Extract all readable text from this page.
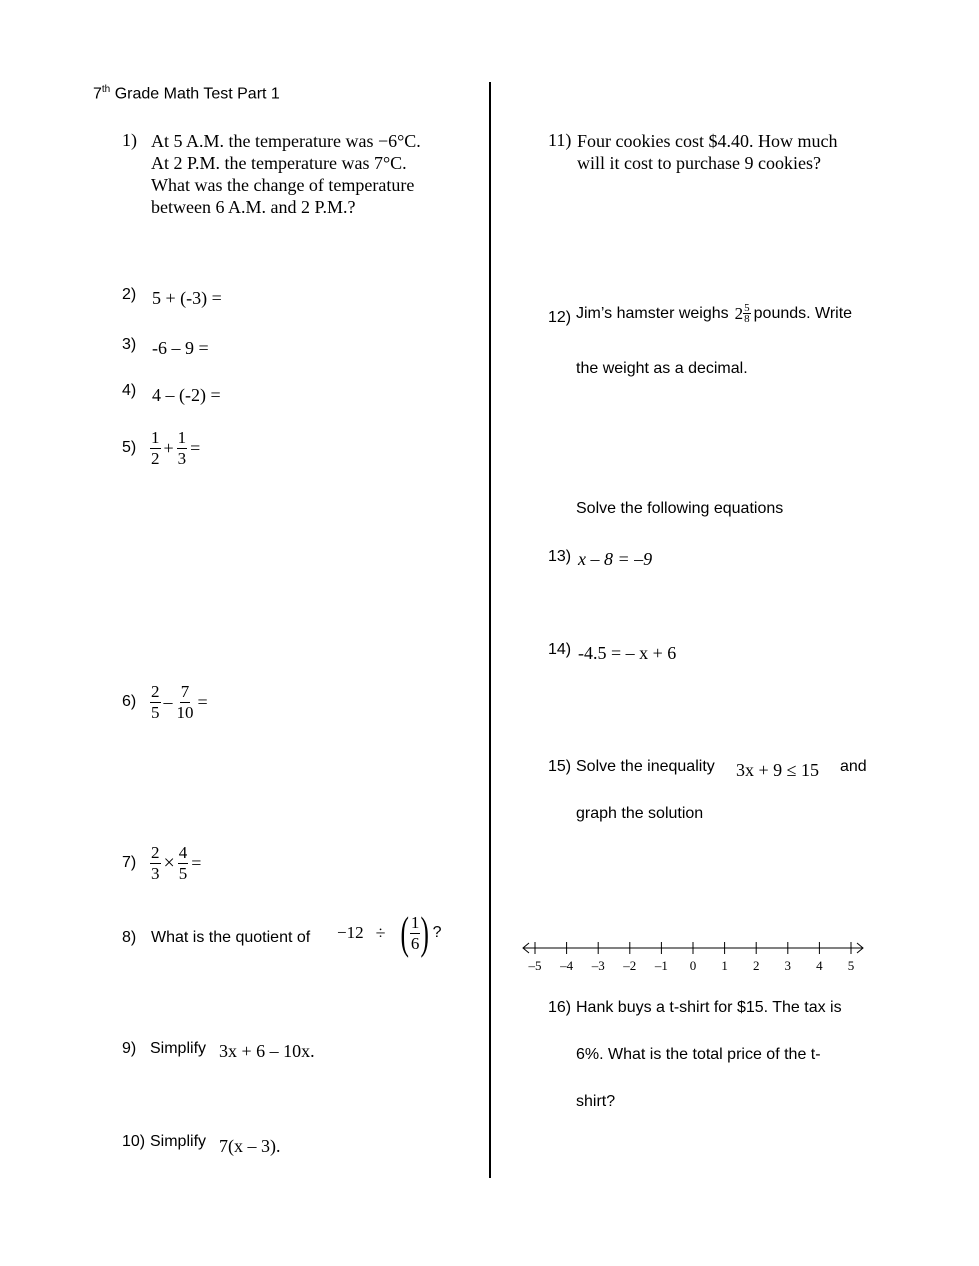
7th Grade Math Test Part 1
1) At 5 A.M. the temperature was −6°C.
At 2 P.M. the temperature was 7°C.
What was the change of temperature
between 6 A.M. and 2 P.M.?
2) 5 + (-3) =
3) -6 – 9 =
4) 4 – (-2) =
$5) \frac{1}{2} + \frac{1}{3}$ =
$6) \frac{2}{5} - \frac{7}{10}$ =
$7) \frac{2}{3} \times \frac{4}{5}$ =
8) What is the quotient of −12 ÷ ( $\frac{1}{6}$ ) ?
9) Simplify 3x + 6 – 10x.
10) Simplify 7(x – 3).
11) Four cookies cost $4.40. How much
will it cost to purchase 9 cookies?
12) Jim’s hamster weighs $2 \frac{5}{8}$ pounds. Write
the weight as a decimal.
Solve the following equations
13) x – 8 = –9
14) -4.5 = – x + 6
15) Solve the inequality 3x + 9 ≤ 15 and
graph the solution
–5 –4 –3 –2 –1 0 1 2 3 4 5
16) Hank buys a t-shirt for $15. The tax is
6%. What is the total price of the t-
shirt?
